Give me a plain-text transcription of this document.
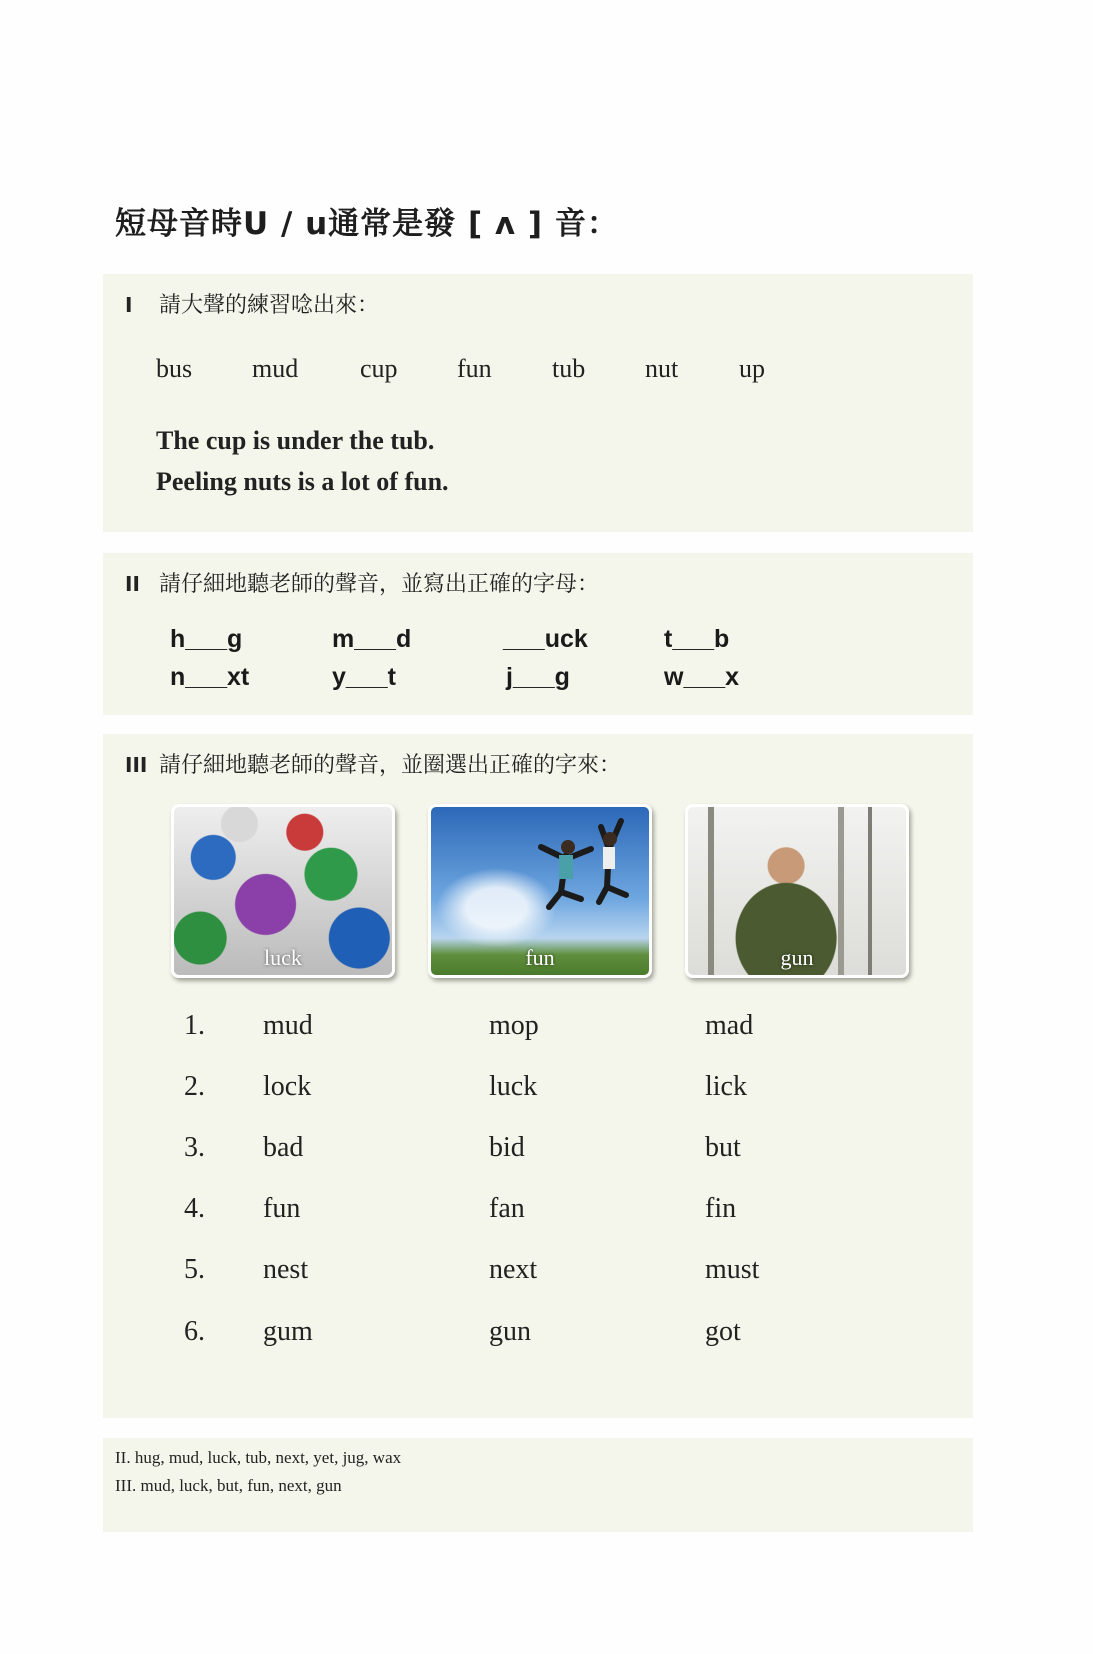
短母音時U / u通常是發 [ ʌ ] 音：
I	請大聲的練習唸出來：
bus mud cup fun tub nut up
The cup is under the tub.
Peeling nuts is a lot of fun.
II 請仔細地聽老師的聲音，並寫出正確的字母：
h___g	m___d	___uck	t___b
n___xt	y___t	j___g	w___x
III 請仔細地聽老師的聲音，並圈選出正確的字來：
luck	fun	gun
1. mud	mop	mad
2. lock	luck	lick
3. bad	bid	but
4. fun	fan	fin
5. nest	next	must
6. gum	gun	got
II. hug, mud, luck, tub, next, yet, jug, wax
III. mud, luck, but, fun, next, gun
